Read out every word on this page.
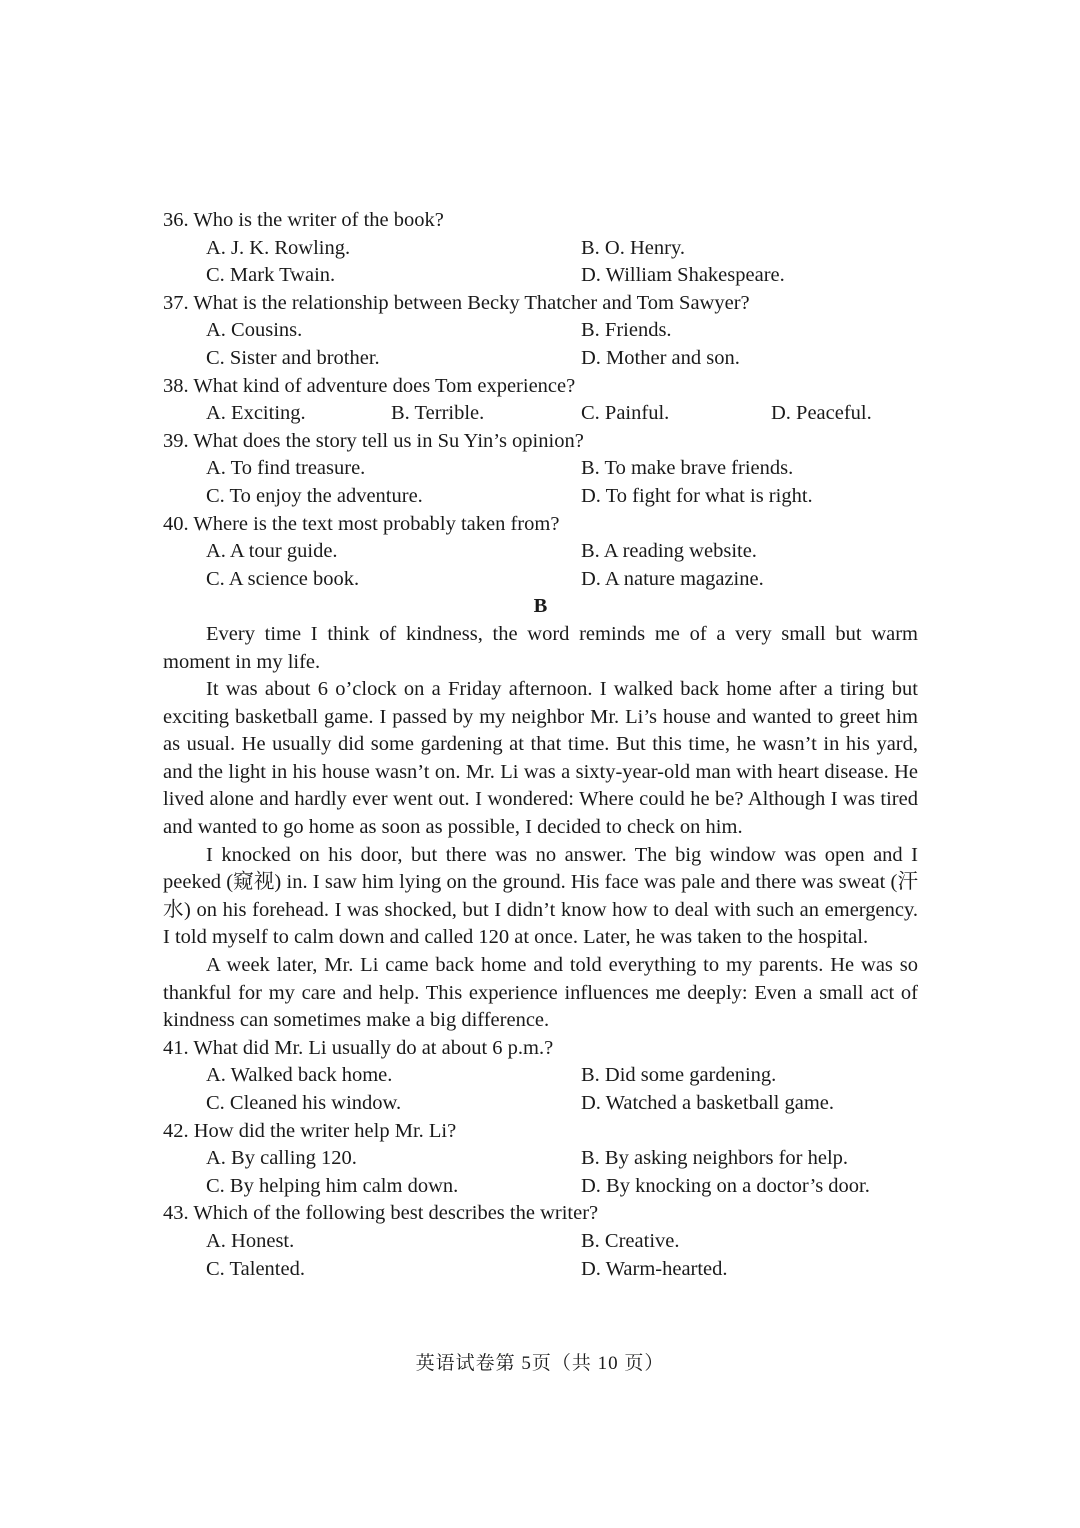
36. Who is the writer of the book?
A. J. K. Rowling.	B. O. Henry.
C. Mark Twain.	D. William Shakespeare.
37. What is the relationship between Becky Thatcher and Tom Sawyer?
A. Cousins.	B. Friends.
C. Sister and brother.	D. Mother and son.
38. What kind of adventure does Tom experience?
A. Exciting.	B. Terrible.	C. Painful.	D. Peaceful.
39. What does the story tell us in Su Yin’s opinion?
A. To find treasure.	B. To make brave friends.
C. To enjoy the adventure.	D. To fight for what is right.
40. Where is the text most probably taken from?
A. A tour guide.	B. A reading website.
C. A science book.	D. A nature magazine.
B

Every time I think of kindness, the word reminds me of a very small but warm moment in my life.

It was about 6 o’clock on a Friday afternoon. I walked back home after a tiring but exciting basketball game. I passed by my neighbor Mr. Li’s house and wanted to greet him as usual. He usually did some gardening at that time. But this time, he wasn’t in his yard, and the light in his house wasn’t on. Mr. Li was a sixty-year-old man with heart disease. He lived alone and hardly ever went out. I wondered: Where could he be? Although I was tired and wanted to go home as soon as possible, I decided to check on him.

I knocked on his door, but there was no answer. The big window was open and I peeked (窥视) in. I saw him lying on the ground. His face was pale and there was sweat (汗水) on his forehead. I was shocked, but I didn’t know how to deal with such an emergency. I told myself to calm down and called 120 at once. Later, he was taken to the hospital.

A week later, Mr. Li came back home and told everything to my parents. He was so thankful for my care and help. This experience influences me deeply: Even a small act of kindness can sometimes make a big difference.

41. What did Mr. Li usually do at about 6 p.m.?
A. Walked back home.	B. Did some gardening.
C. Cleaned his window.	D. Watched a basketball game.
42. How did the writer help Mr. Li?
A. By calling 120.	B. By asking neighbors for help.
C. By helping him calm down.	D. By knocking on a doctor’s door.
43. Which of the following best describes the writer?
A. Honest.	B. Creative.
C. Talented.	D. Warm-hearted.
英语试卷第 5页（共 10 页）
